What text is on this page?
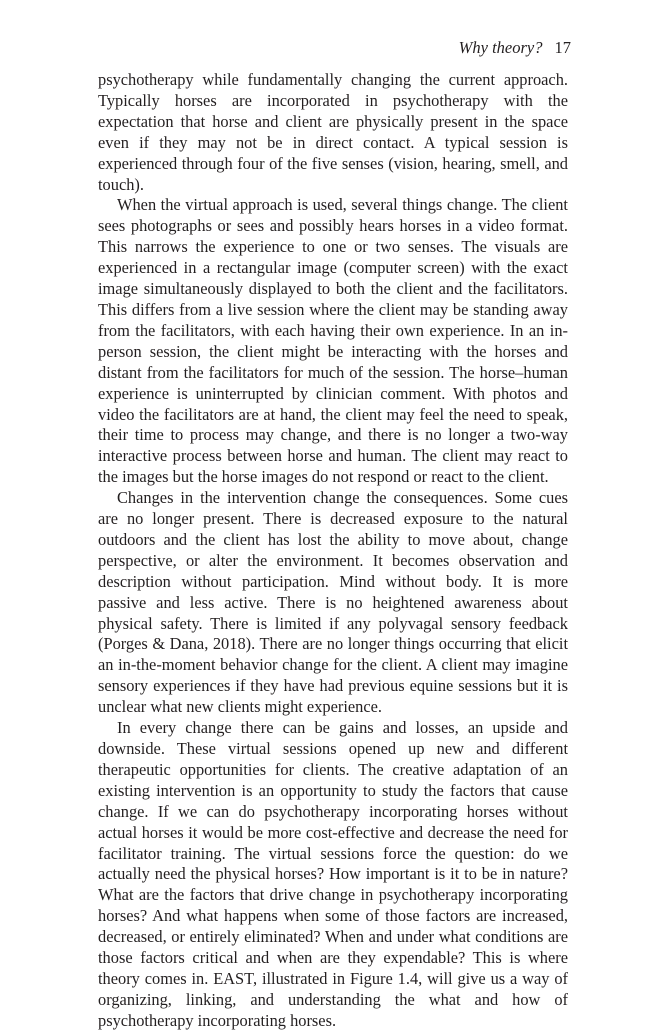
Why theory? 17

psychotherapy while fundamentally changing the current approach. Typically horses are incorporated in psychotherapy with the expectation that horse and client are physically present in the space even if they may not be in direct contact. A typical session is experienced through four of the five senses (vision, hearing, smell, and touch).

When the virtual approach is used, several things change. The client sees photographs or sees and possibly hears horses in a video format. This narrows the experience to one or two senses. The visuals are experienced in a rectangular image (computer screen) with the exact image simultaneously displayed to both the client and the facilitators. This differs from a live session where the client may be standing away from the facilitators, with each having their own experience. In an in-person session, the client might be interacting with the horses and distant from the facilitators for much of the session. The horse–human experience is uninterrupted by clinician comment. With photos and video the facilitators are at hand, the client may feel the need to speak, their time to process may change, and there is no longer a two-way interactive process between horse and human. The client may react to the images but the horse images do not respond or react to the client.

Changes in the intervention change the consequences. Some cues are no longer present. There is decreased exposure to the natural outdoors and the client has lost the ability to move about, change perspective, or alter the environment. It becomes observation and description without participation. Mind without body. It is more passive and less active. There is no heightened awareness about physical safety. There is limited if any polyvagal sensory feedback (Porges & Dana, 2018). There are no longer things occurring that elicit an in-the-moment behavior change for the client. A client may imagine sensory experiences if they have had previous equine sessions but it is unclear what new clients might experience.

In every change there can be gains and losses, an upside and downside. These virtual sessions opened up new and different therapeutic opportunities for clients. The creative adaptation of an existing intervention is an opportunity to study the factors that cause change. If we can do psychotherapy incorporating horses without actual horses it would be more cost-effective and decrease the need for facilitator training. The virtual sessions force the question: do we actually need the physical horses? How important is it to be in nature? What are the factors that drive change in psychotherapy incorporating horses? And what happens when some of those factors are increased, decreased, or entirely eliminated? When and under what conditions are those factors critical and when are they expendable? This is where theory comes in. EAST, illustrated in Figure 1.4, will give us a way of organizing, linking, and understanding the what and how of psychotherapy incorporating horses.
